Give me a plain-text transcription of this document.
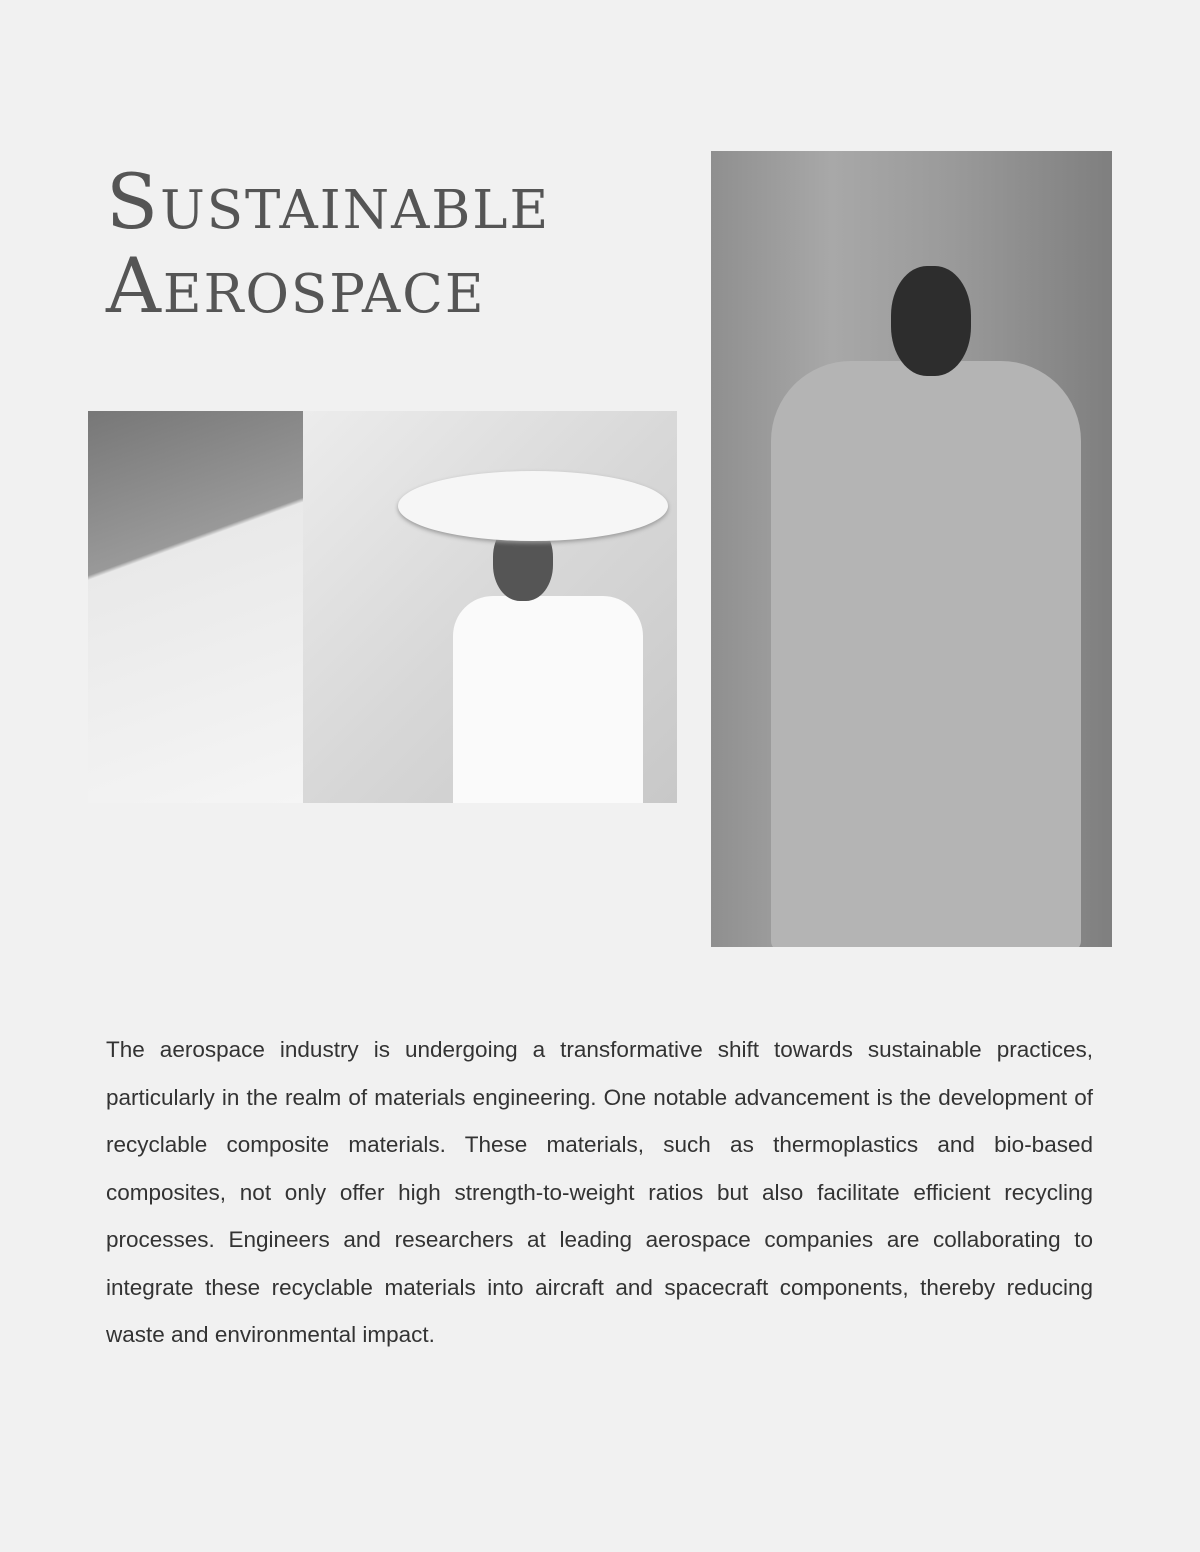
Sustainable
Aerospace

The aerospace industry is undergoing a transformative shift towards sustainable practices, particularly in the realm of materials engineering. One notable advancement is the development of recyclable composite materials. These materials, such as thermoplastics and bio-based composites, not only offer high strength-to-weight ratios but also facilitate efficient recycling processes. Engineers and researchers at leading aerospace companies are collaborating to integrate these recyclable materials into aircraft and spacecraft components, thereby reducing waste and environmental impact.
